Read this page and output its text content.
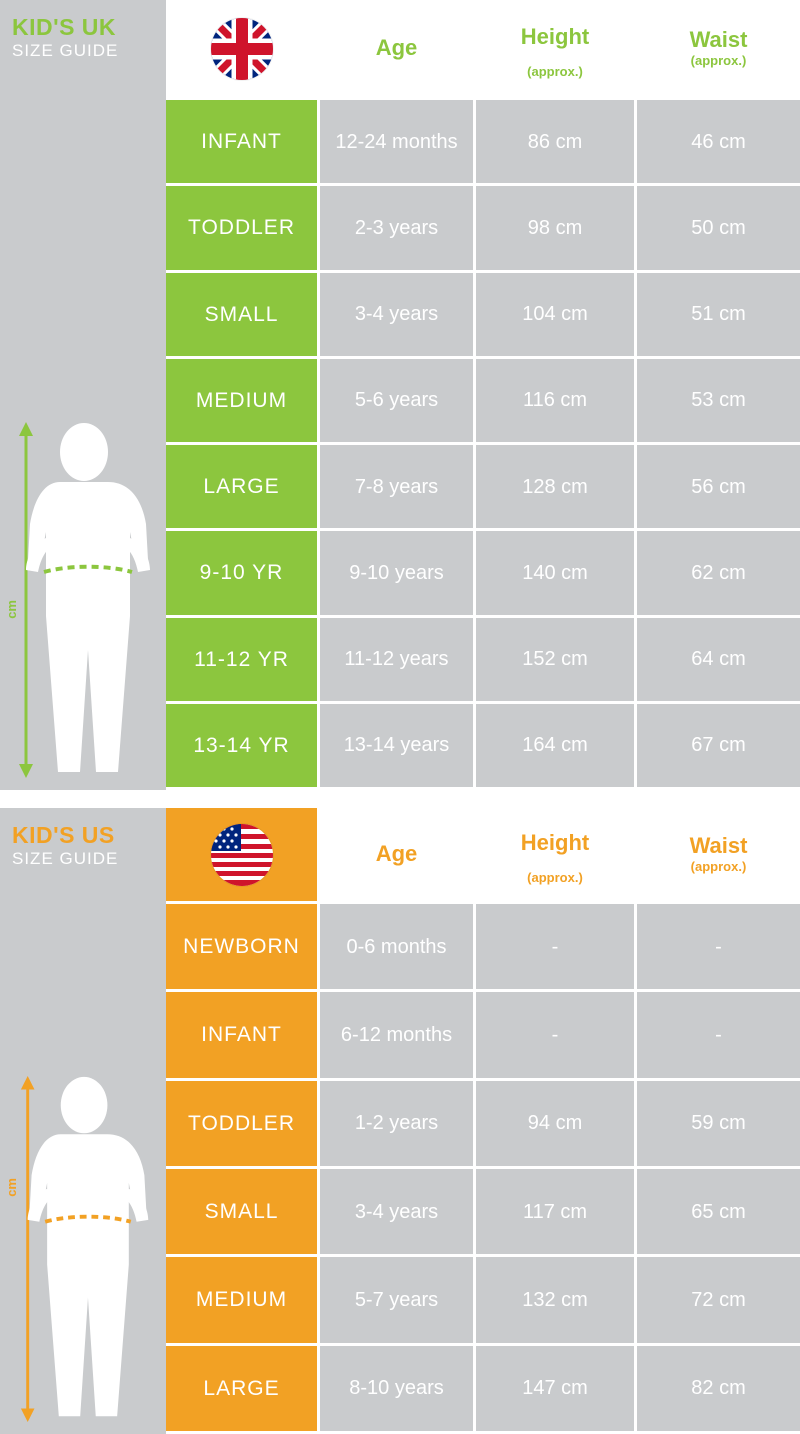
KID'S UK
SIZE GUIDE
cm
Age	Height
(approx.)
Waist
(approx.)
INFANT	12-24 months	86 cm	46 cm
TODDLER	2-3 years	98 cm	50 cm
SMALL	3-4 years	104 cm	51 cm
MEDIUM	5-6 years	116 cm	53 cm
LARGE	7-8 years	128 cm	56 cm
9-10 YR	9-10 years	140 cm	62 cm
11-12 YR	11-12 years	152 cm	64 cm
13-14 YR	13-14 years	164 cm	67 cm
KID'S US
SIZE GUIDE
cm
Age	Height
(approx.)
Waist
(approx.)
NEWBORN	0-6 months	-	-
INFANT	6-12 months	-	-
TODDLER	1-2 years	94 cm	59 cm
SMALL	3-4 years	117 cm	65 cm
MEDIUM	5-7 years	132 cm	72 cm
LARGE	8-10 years	147 cm	82 cm
